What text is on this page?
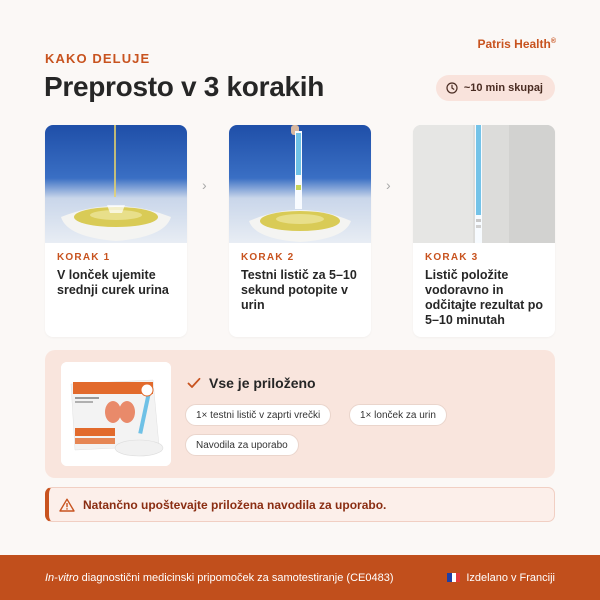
KAKO DELUJE
Patris Health®
Preprosto v 3 korakih	~10 min skupaj
KORAK 1
V lonček ujemite srednji curek urina
›
KORAK 2
Testni listič za 5–10 sekund potopite v urin
›
KORAK 3
Listič položite vodoravno in odčitajte rezultat po 5–10 minutah
Vse je priloženo
1× testni listič v zaprti vrečki	1× lonček za urin
Navodila za uporabo
Natančno upoštevajte priložena navodila za uporabo.
In-vitro diagnostični medicinski pripomoček za samotestiranje (CE0483)	Izdelano v Franciji
